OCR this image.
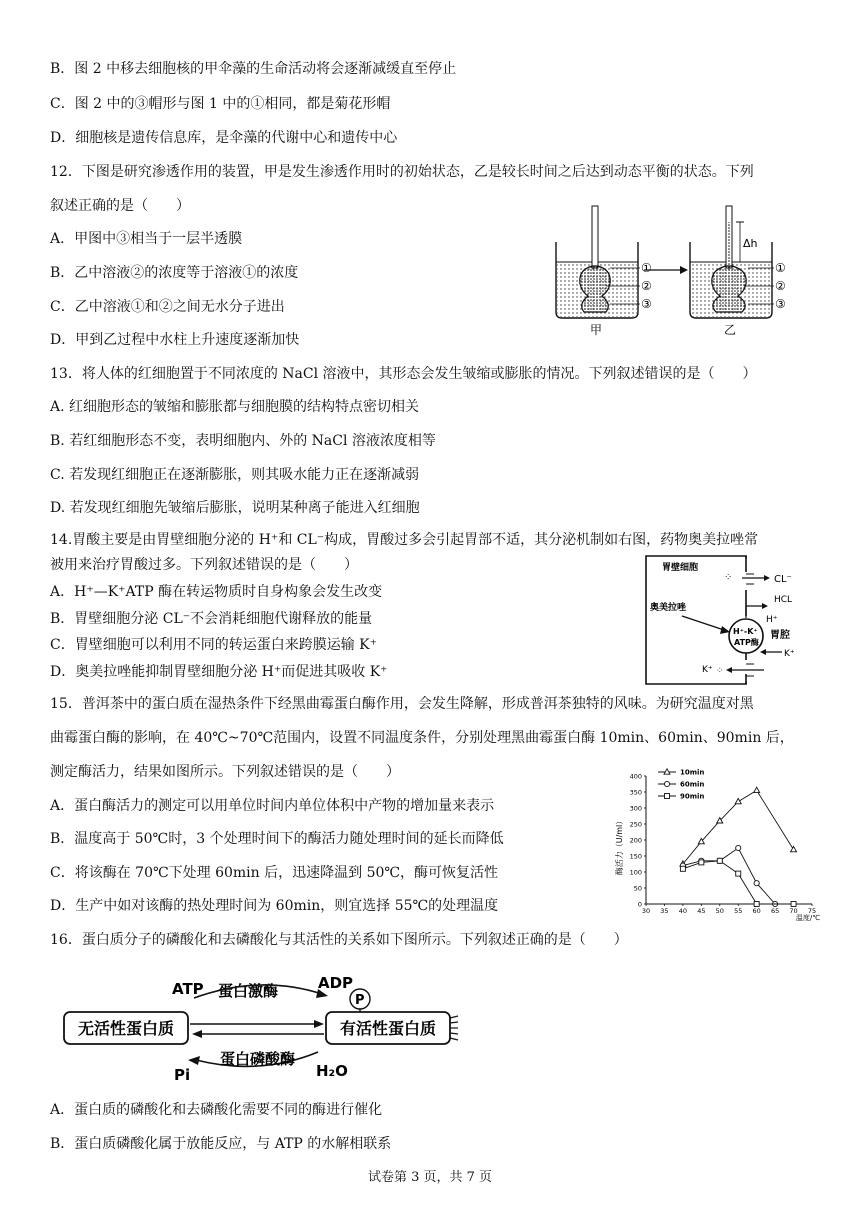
B．图 2 中移去细胞核的甲伞藻的生命活动将会逐渐减缓直至停止
C．图 2 中的③帽形与图 1 中的①相同，都是菊花形帽
D．细胞核是遗传信息库，是伞藻的代谢中心和遗传中心
12．下图是研究渗透作用的装置，甲是发生渗透作用时的初始状态，乙是较长时间之后达到动态平衡的状态。下列
叙述正确的是（　　）
A．甲图中③相当于一层半透膜
B．乙中溶液②的浓度等于溶液①的浓度
C．乙中溶液①和②之间无水分子进出
D．甲到乙过程中水柱上升速度逐渐加快
13．将人体的红细胞置于不同浓度的 NaCl 溶液中，其形态会发生皱缩或膨胀的情况。下列叙述错误的是（　　）
A. 红细胞形态的皱缩和膨胀都与细胞膜的结构特点密切相关
B. 若红细胞形态不变，表明细胞内、外的 NaCl 溶液浓度相等
C. 若发现红细胞正在逐渐膨胀，则其吸水能力正在逐渐减弱
D. 若发现红细胞先皱缩后膨胀，说明某种离子能进入红细胞
14.胃酸主要是由胃壁细胞分泌的 H⁺和 CL⁻构成，胃酸过多会引起胃部不适，其分泌机制如右图，药物奥美拉唑常
被用来治疗胃酸过多。下列叙述错误的是（　　）
A．H⁺—K⁺ATP 酶在转运物质时自身构象会发生改变
B．胃壁细胞分泌 CL⁻不会消耗细胞代谢释放的能量
C．胃壁细胞可以利用不同的转运蛋白来跨膜运输 K⁺
D．奥美拉唑能抑制胃壁细胞分泌 H⁺而促进其吸收 K⁺
15．普洱茶中的蛋白质在湿热条件下经黑曲霉蛋白酶作用，会发生降解，形成普洱茶独特的风味。为研究温度对黑
曲霉蛋白酶的影响，在 40℃~70℃范围内，设置不同温度条件，分别处理黑曲霉蛋白酶 10min、60min、90min 后，
测定酶活力，结果如图所示。下列叙述错误的是（　　）
A．蛋白酶活力的测定可以用单位时间内单位体积中产物的增加量来表示
B．温度高于 50℃时，3 个处理时间下的酶活力随处理时间的延长而降低
C．将该酶在 70℃下处理 60min 后，迅速降温到 50℃，酶可恢复活性
D．生产中如对该酶的热处理时间为 60min，则宜选择 55℃的处理温度
16．蛋白质分子的磷酸化和去磷酸化与其活性的关系如下图所示。下列叙述正确的是（　　）
A．蛋白质的磷酸化和去磷酸化需要不同的酶进行催化
B．蛋白质磷酸化属于放能反应，与 ATP 的水解相联系
试卷第 3 页，共 7 页
Δh
①
②
③
①
②
③
甲	乙
胃壁细胞
⁘	CL⁻
HCL
奥美拉唑
H⁺-K⁺
ATP酶
H⁺
胃腔
K⁺
K⁺ ⁘
酶活力（U/ml）
温度/℃
30 35 40 45 50 55 60 65 70 75
0
50
100
150
200
250
300
350
400	10min
60min
90min
ATP 蛋白激酶	ADP
P
无活性蛋白质	有活性蛋白质
Pi
蛋白磷酸酶
H₂O
